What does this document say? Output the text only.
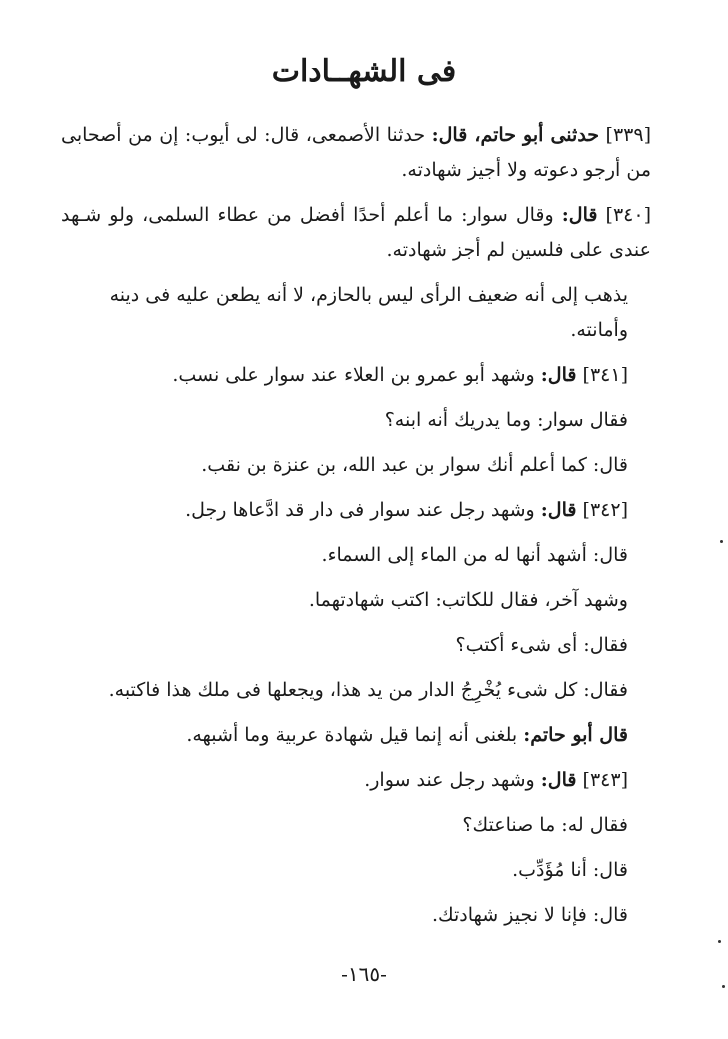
فى الشهــادات

[٣٣٩] حدثنى أبو حاتم، قال: حدثنا الأصمعى، قال: لى أيوب: إن من أصحابى من أرجو دعوته ولا أجيز شهادته.

[٣٤٠] قال: وقال سوار: ما أعلم أحدًا أفضل من عطاء السلمى، ولو شـهد عندى على فلسين لم أجز شهادته.

يذهب إلى أنه ضعيف الرأى ليس بالحازم، لا أنه يطعن عليه فى دينه وأمانته.

[٣٤١] قال: وشهد أبو عمرو بن العلاء عند سوار على نسب.

فقال سوار: وما يدريك أنه ابنه؟

قال: كما أعلم أنك سوار بن عبد الله، بن عنزة بن نقب.

[٣٤٢] قال: وشهد رجل عند سوار فى دار قد ادَّعاها رجل.

قال: أشهد أنها له من الماء إلى السماء.

وشهد آخر، فقال للكاتب: اكتب شهادتهما.

فقال: أى شىء أكتب؟

فقال: كل شىء يُخْرِجُ الدار من يد هذا، ويجعلها فى ملك هذا فاكتبه.

قال أبو حاتم: بلغنى أنه إنما قيل شهادة عربية وما أشبهه.

[٣٤٣] قال: وشهد رجل عند سوار.

فقال له: ما صناعتك؟

قال: أنا مُؤَدِّب.

قال: فإنا لا نجيز شهادتك.

-١٦٥-
